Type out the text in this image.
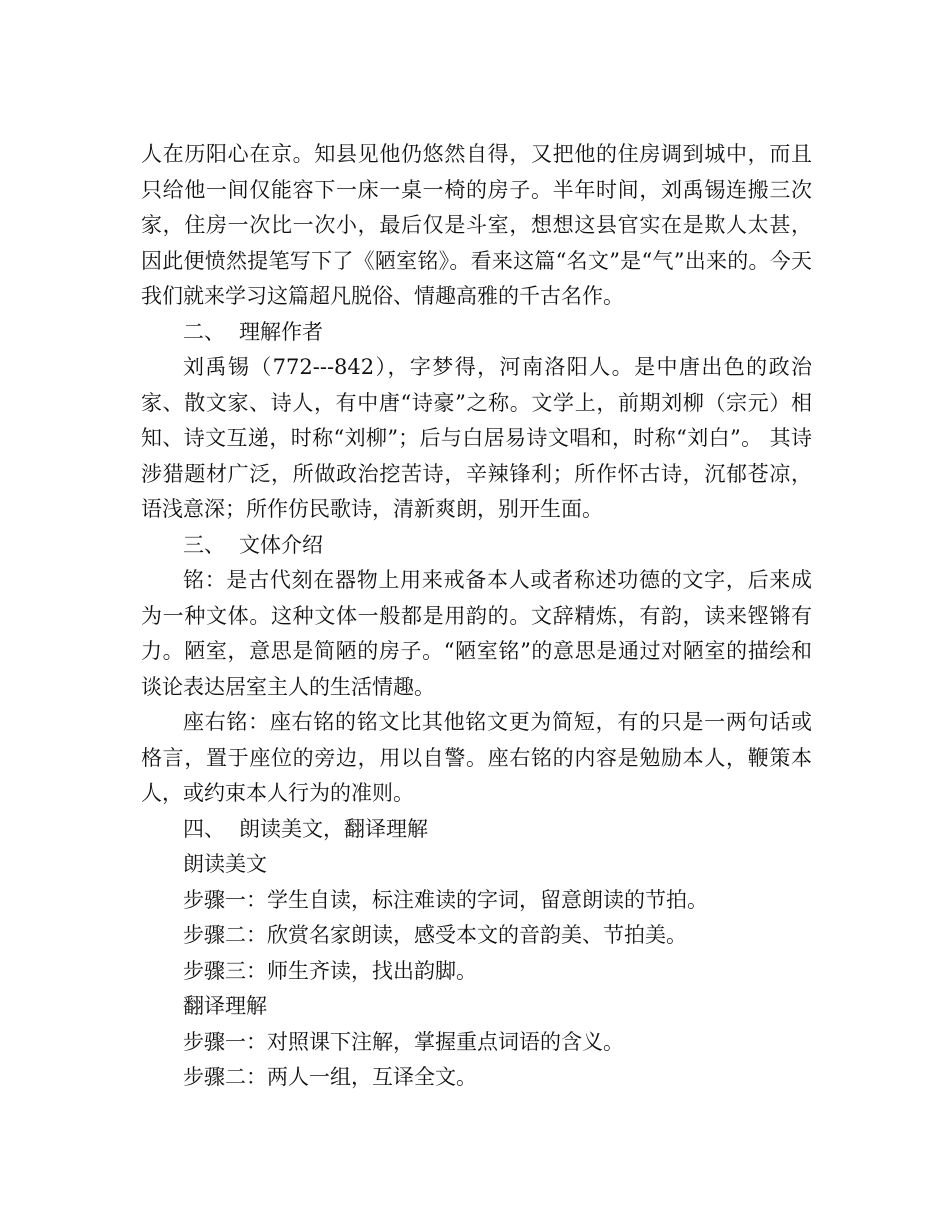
人在历阳心在京。知县见他仍悠然自得，又把他的住房调到城中，而且只给他一间仅能容下一床一桌一椅的房子。半年时间，刘禹锡连搬三次家，住房一次比一次小，最后仅是斗室，想想这县官实在是欺人太甚，因此便愤然提笔写下了《陋室铭》。看来这篇“名文”是“气”出来的。今天我们就来学习这篇超凡脱俗、情趣高雅的千古名作。

二、 理解作者

刘禹锡（772---842），字梦得，河南洛阳人。是中唐出色的政治家、散文家、诗人，有中唐“诗豪”之称。文学上，前期刘柳（宗元）相知、诗文互递，时称“刘柳”；后与白居易诗文唱和，时称“刘白”。 其诗涉猎题材广泛，所做政治挖苦诗，辛辣锋利；所作怀古诗，沉郁苍凉，语浅意深；所作仿民歌诗，清新爽朗，别开生面。

三、 文体介绍

铭：是古代刻在器物上用来戒备本人或者称述功德的文字，后来成为一种文体。这种文体一般都是用韵的。文辞精炼，有韵，读来铿锵有力。陋室，意思是简陋的房子。“陋室铭”的意思是通过对陋室的描绘和谈论表达居室主人的生活情趣。

座右铭：座右铭的铭文比其他铭文更为简短，有的只是一两句话或格言，置于座位的旁边，用以自警。座右铭的内容是勉励本人，鞭策本人，或约束本人行为的准则。

四、 朗读美文，翻译理解

朗读美文

步骤一：学生自读，标注难读的字词，留意朗读的节拍。

步骤二：欣赏名家朗读，感受本文的音韵美、节拍美。

步骤三：师生齐读，找出韵脚。

翻译理解

步骤一：对照课下注解，掌握重点词语的含义。

步骤二：两人一组，互译全文。
